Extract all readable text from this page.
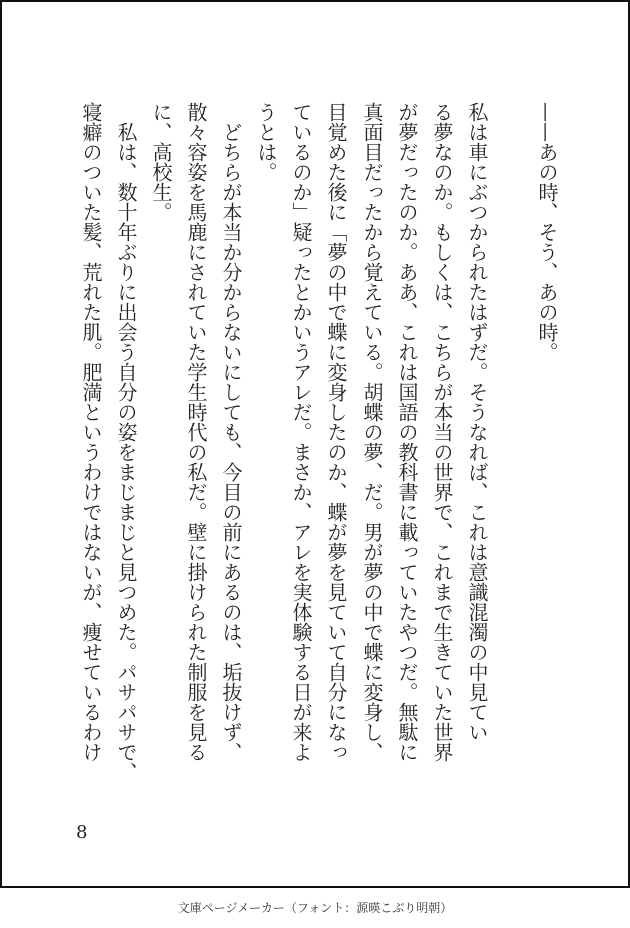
——あの時、そう、あの時。
私は車にぶつかられたはずだ。そうなれば、これは意識混濁の中見てい
る夢なのか。もしくは、こちらが本当の世界で、これまで生きていた世界
が夢だったのか。ああ、これは国語の教科書に載っていたやつだ。無駄に
真面目だったから覚えている。胡蝶の夢、だ。男が夢の中で蝶に変身し、
目覚めた後に「夢の中で蝶に変身したのか、蝶が夢を見ていて自分になっ
ているのか」疑ったとかいうアレだ。まさか、アレを実体験する日が来よ
うとは。
　どちらが本当か分からないにしても、今目の前にあるのは、垢抜けず、
散々容姿を馬鹿にされていた学生時代の私だ。壁に掛けられた制服を見る
に、高校生。
　私は、数十年ぶりに出会う自分の姿をまじまじと見つめた。パサパサで、
寝癖のついた髪、荒れた肌。肥満というわけではないが、痩せているわけ
8
文庫ページメーカー（フォント：源暎こぶり明朝）
